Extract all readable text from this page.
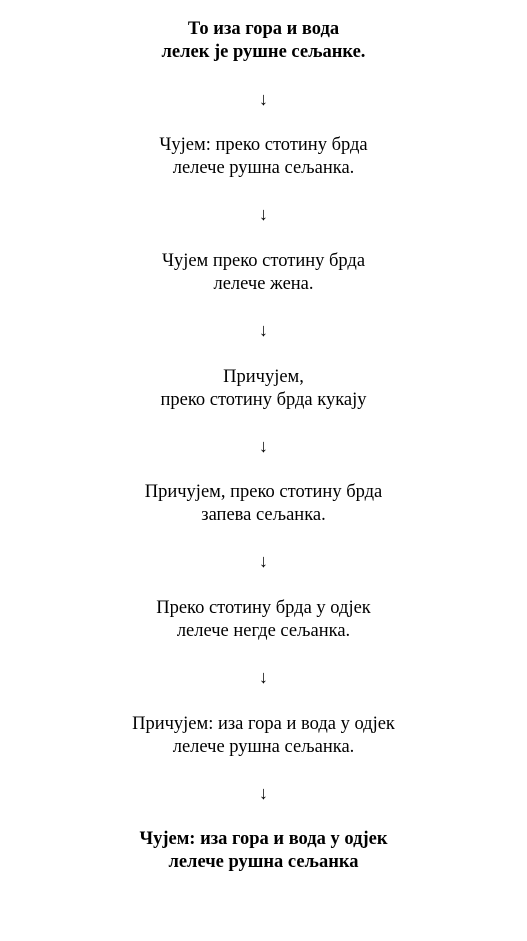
То иза гора и вода
лелек је рушне сељанке.
↓
Чујем: преко стотину брда
лелече рушна сељанка.
↓
Чујем преко стотину брда
лелече жена.
↓
Причујем,
преко стотину брда кукају
↓
Причујем, преко стотину брда
запева сељанка.
↓
Преко стотину брда у одјек
лелече негде сељанка.
↓
Причујем: иза гора и вода у одјек
лелече рушна сељанка.
↓
Чујем: иза гора и вода у одјек
лелече рушна сељанка
